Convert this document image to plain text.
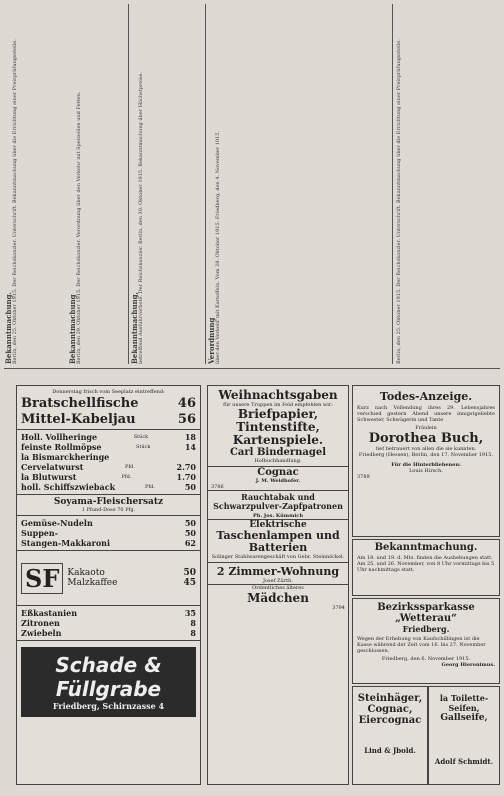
Bekanntmachung.
Berlin, den 25. Oktober 1915. Der Reichskanzler. Unterschrift. Bekanntmachung über die Errichtung einer Preisprüfungsstelle.	Bekanntmachung
Berlin, den 29. Oktober 1915. Der Reichskanzler. Verordnung über den Verkehr mit Speiseölen und Fetten.	Bekanntmachung,
betreffend Ausfuhrverbote. Der Reichskanzler. Berlin, den 30. Oktober 1915. Bekanntmachung über Höchstpreise.	Verordnung
über den Verkehr mit Kartoffeln. Vom 28. Oktober 1915. Friedberg, den 4. November 1915.	Berlin, den 25. Oktober 1915. Der Reichskanzler. Unterschrift. Bekanntmachung über die Errichtung einer Preisprüfungsstelle.
Donnerstag frisch vom Seeplatz eintreffend:
Bratschellfische	46
Mittel-Kabeljau	56
Holl. Vollheringe	Stück	18
feinste Rollmöpse	Stück	14
la Bismarckheringe
Cervelatwurst	Pfd.	2.70
la Blutwurst	Pfd.	1.70
holl. Schiffszwieback	Pfd.	50
Soyama-Fleischersatz
1 Pfund-Dose 70 Pfg.
Gemüse-Nudeln	50
Suppen-	50
Stangen-Makkaroni	62
SF Kakaoto	50
Malzkaffee	45
Eßkastanien	35
Zitronen	8
Zwiebeln	8
Schade &
Füllgrabe
Friedberg, Schirnzasse 4
Weihnachtsgaben
für unsere Truppen im Feld empfehlen wir:
Briefpapier,
Tintenstifte,
Kartenspiele.
Carl Bindernagel
Hofbuchhandlung.
Cognac
J. M. Weidhofer.
3786
Rauchtabak und Schwarzpulver-Zapfpatronen
Ph. Jos. Kümmich
Elektrische
Taschenlampen und Batterien
Solinger Stahlwarengeschäft von Gebr. Steinnöckel.
2 Zimmer-Wohnung
Josef Zürth.
Ordentliches älteres
Mädchen
3794
Todes-Anzeige.
Kurz nach Vollendung ihres 29. Lebensjahres verschied gestern Abend unsere innigstgeliebte Schwester, Schwägerin und Tante
Fräulein
Dorothea Buch,
tief betrauert von allen die sie kannten.
Friedberg (Hessen), Berlin, den 17. November 1915.
Für die Hinterbliebenen:
Louis Hirsch.
3789
Bekanntmachung.
Am 18. und 19. d. Mts. finden die Aushebungen statt. Am 25. und 26. November, von 8 Uhr vormittags bis 5 Uhr nachmittags statt.
Bezirkssparkasse „Wetterau“
Friedberg.
Wegen der Erhebung von Kaufschillingen ist die Kasse während der Zeit vom 16. bis 27. November geschlossen.
Friedberg, den 6. November 1915.
Georg Hieronimus.
Steinhäger,
Cognac,
Eiercognac
Lind & Jbold.
la Toilette-Seifen,
Gallseife,
Adolf Schmidt.
